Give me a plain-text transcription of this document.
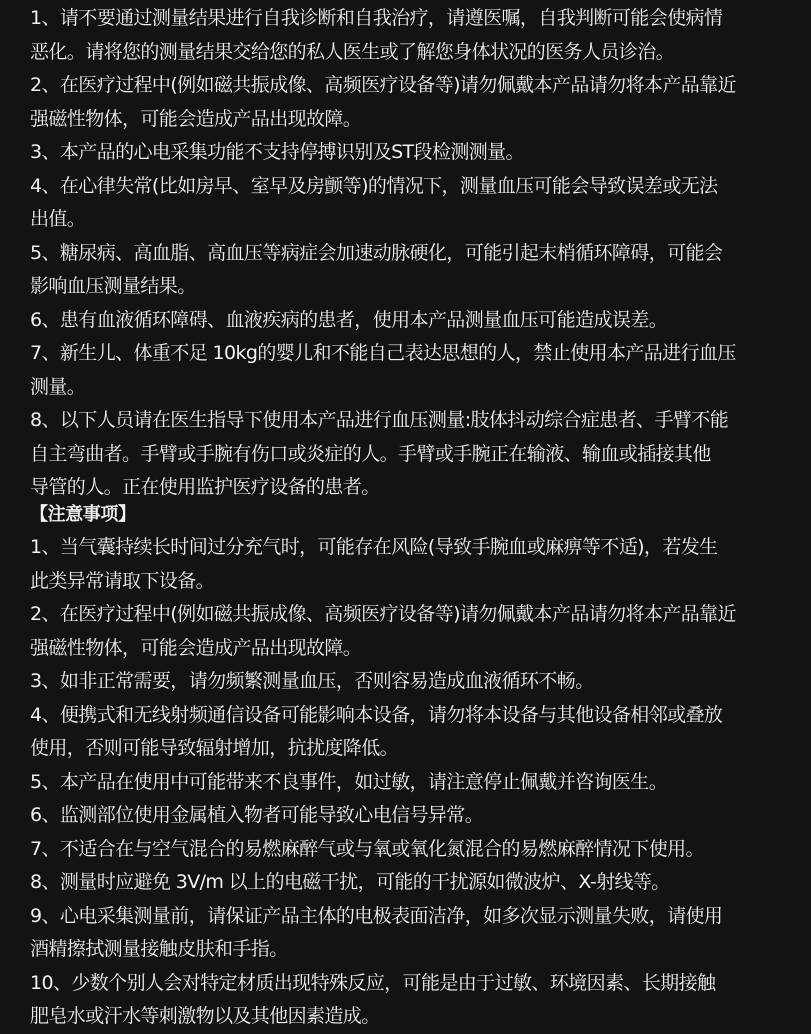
1、请不要通过测量结果进行自我诊断和自我治疗，请遵医嘱，自我判断可能会使病情
恶化。请将您的测量结果交给您的私人医生或了解您身体状况的医务人员诊治。
2、在医疗过程中(例如磁共振成像、高频医疗设备等)请勿佩戴本产品请勿将本产品靠近
强磁性物体，可能会造成产品出现故障。
3、本产品的心电采集功能不支持停搏识别及ST段检测测量。
4、在心律失常(比如房早、室早及房颤等)的情况下，测量血压可能会导致误差或无法
出值。
5、糖尿病、高血脂、高血压等病症会加速动脉硬化，可能引起末梢循环障碍，可能会
影响血压测量结果。
6、患有血液循环障碍、血液疾病的患者，使用本产品测量血压可能造成误差。
7、新生儿、体重不足 10kg的婴儿和不能自己表达思想的人，禁止使用本产品进行血压
测量。
8、以下人员请在医生指导下使用本产品进行血压测量:肢体抖动综合症患者、手臂不能
自主弯曲者。手臂或手腕有伤口或炎症的人。手臂或手腕正在输液、输血或插接其他
导管的人。正在使用监护医疗设备的患者。
【注意事项】
1、当气囊持续长时间过分充气时，可能存在风险(导致手腕血或麻痹等不适)，若发生
此类异常请取下设备。
2、在医疗过程中(例如磁共振成像、高频医疗设备等)请勿佩戴本产品请勿将本产品靠近
强磁性物体，可能会造成产品出现故障。
3、如非正常需要，请勿频繁测量血压，否则容易造成血液循环不畅。
4、便携式和无线射频通信设备可能影响本设备，请勿将本设备与其他设备相邻或叠放
使用，否则可能导致辐射增加，抗扰度降低。
5、本产品在使用中可能带来不良事件，如过敏，请注意停止佩戴并咨询医生。
6、监测部位使用金属植入物者可能导致心电信号异常。
7、不适合在与空气混合的易燃麻醉气或与氧或氧化氮混合的易燃麻醉情况下使用。
8、测量时应避免 3V/m 以上的电磁干扰，可能的干扰源如微波炉、X-射线等。
9、心电采集测量前，请保证产品主体的电极表面洁净，如多次显示测量失败，请使用
酒精擦拭测量接触皮肤和手指。
10、少数个别人会对特定材质出现特殊反应，可能是由于过敏、环境因素、长期接触
肥皂水或汗水等刺激物以及其他因素造成。
